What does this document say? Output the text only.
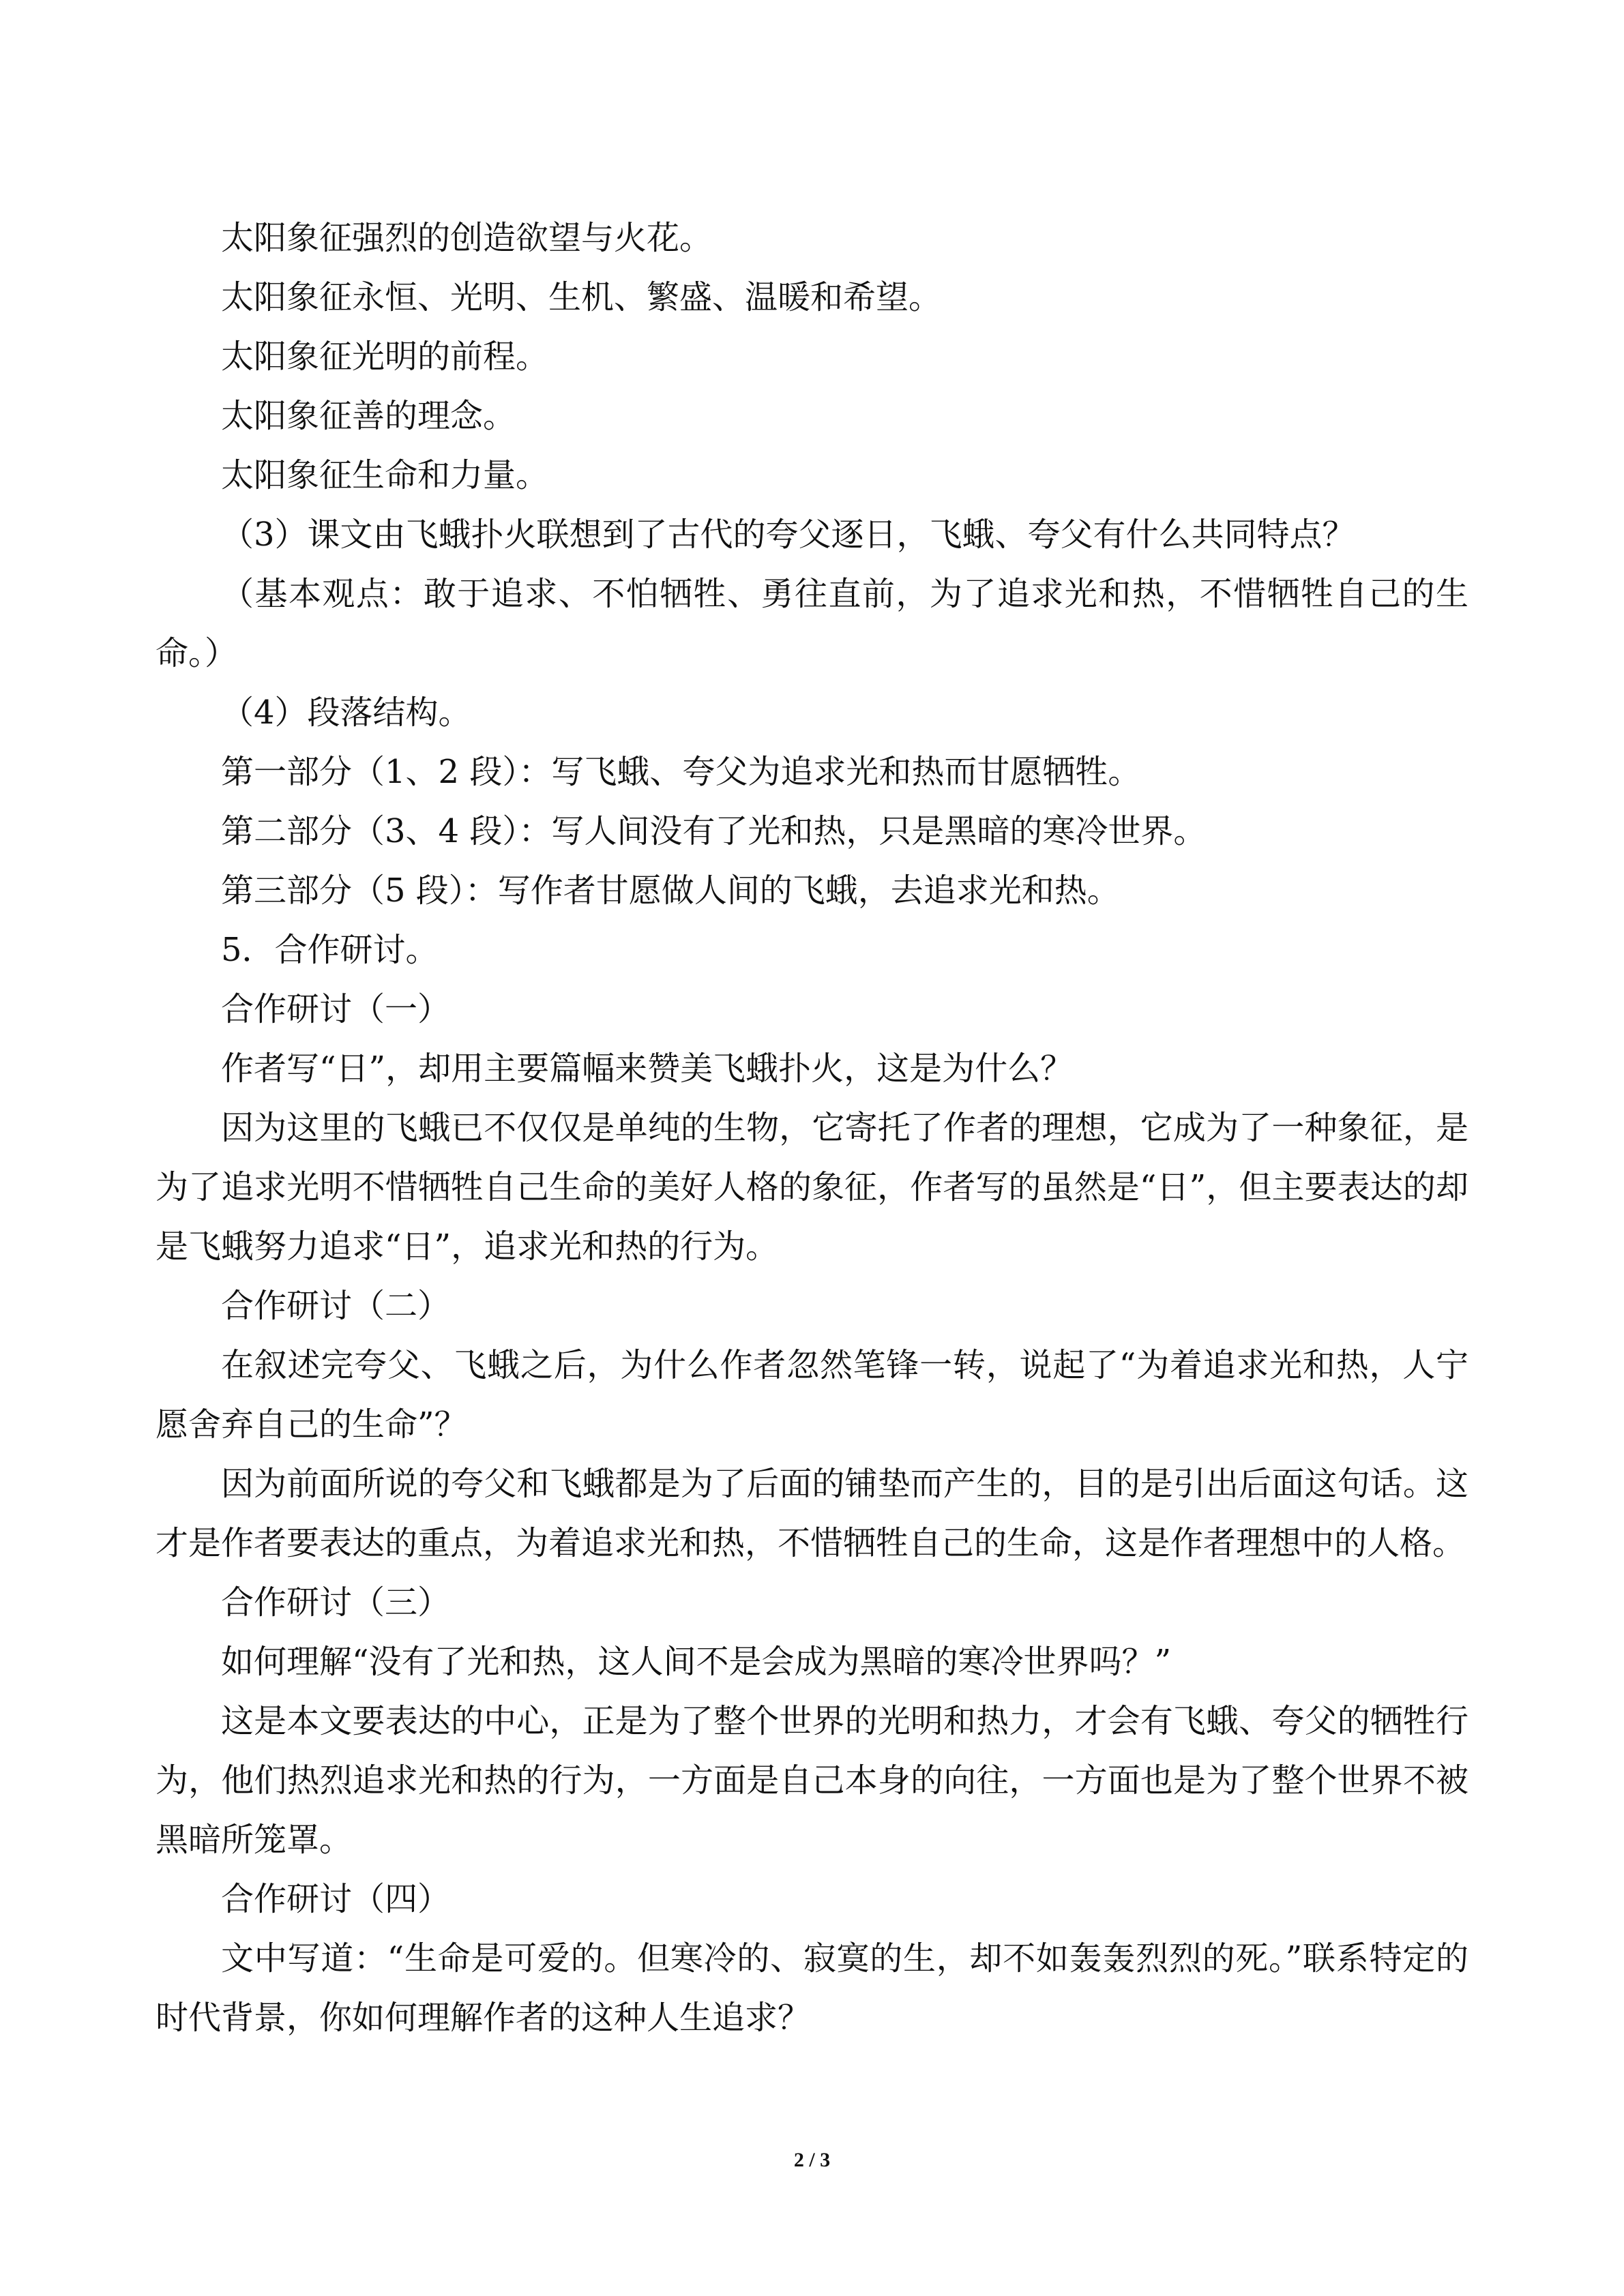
太阳象征强烈的创造欲望与火花。

太阳象征永恒、光明、生机、繁盛、温暖和希望。

太阳象征光明的前程。

太阳象征善的理念。

太阳象征生命和力量。

（3）课文由飞蛾扑火联想到了古代的夸父逐日，飞蛾、夸父有什么共同特点？

（基本观点：敢于追求、不怕牺牲、勇往直前，为了追求光和热，不惜牺牲自己的生命。）

（4）段落结构。

第一部分（1、2 段）：写飞蛾、夸父为追求光和热而甘愿牺牲。

第二部分（3、4 段）：写人间没有了光和热，只是黑暗的寒冷世界。

第三部分（5 段）：写作者甘愿做人间的飞蛾，去追求光和热。

5．合作研讨。

合作研讨（一）

作者写“日”，却用主要篇幅来赞美飞蛾扑火，这是为什么？

因为这里的飞蛾已不仅仅是单纯的生物，它寄托了作者的理想，它成为了一种象征，是为了追求光明不惜牺牲自己生命的美好人格的象征，作者写的虽然是“日”，但主要表达的却是飞蛾努力追求“日”，追求光和热的行为。

合作研讨（二）

在叙述完夸父、飞蛾之后，为什么作者忽然笔锋一转，说起了“为着追求光和热，人宁愿舍弃自己的生命”？

因为前面所说的夸父和飞蛾都是为了后面的铺垫而产生的，目的是引出后面这句话。这才是作者要表达的重点，为着追求光和热，不惜牺牲自己的生命，这是作者理想中的人格。

合作研讨（三）

如何理解“没有了光和热，这人间不是会成为黑暗的寒冷世界吗？”

这是本文要表达的中心，正是为了整个世界的光明和热力，才会有飞蛾、夸父的牺牲行为，他们热烈追求光和热的行为，一方面是自己本身的向往，一方面也是为了整个世界不被黑暗所笼罩。

合作研讨（四）

文中写道：“生命是可爱的。但寒冷的、寂寞的生，却不如轰轰烈烈的死。”联系特定的时代背景，你如何理解作者的这种人生追求？

2 / 3
